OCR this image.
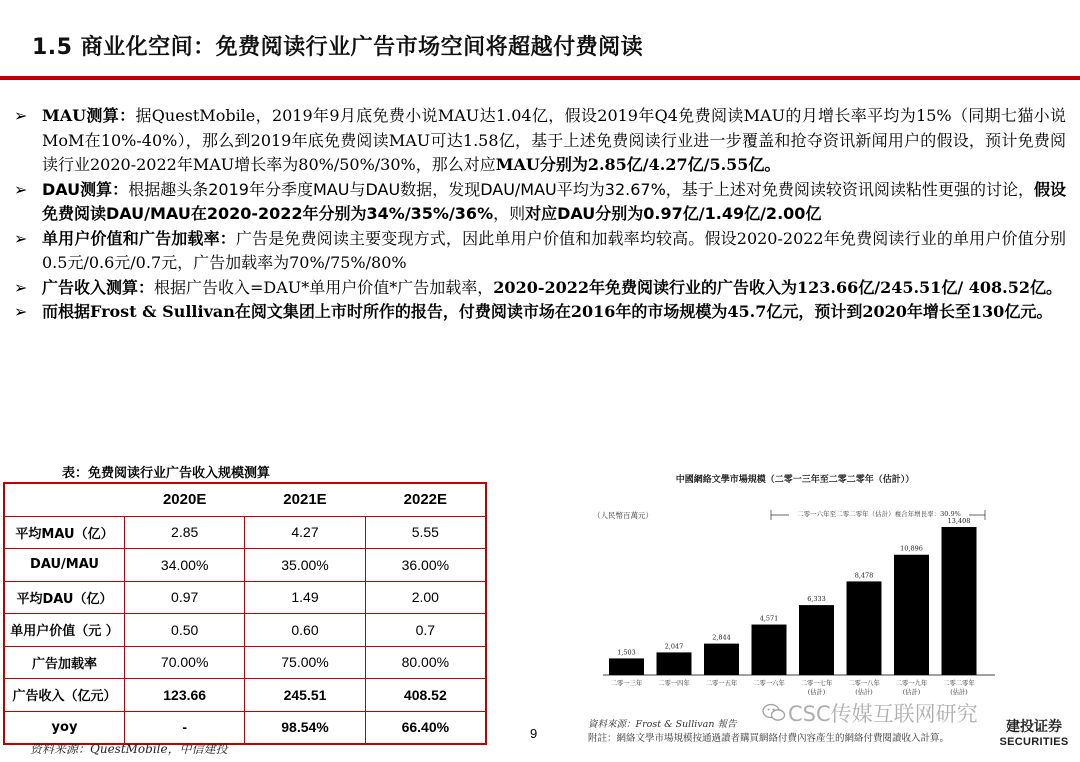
1.5 商业化空间：免费阅读行业广告市场空间将超越付费阅读
➢ MAU测算：据QuestMobile，2019年9月底免费小说MAU达1.04亿，假设2019年Q4免费阅读MAU的月增长率平均为15%（同期七猫小说MoM在10%-40%），那么到2019年底免费阅读MAU可达1.58亿，基于上述免费阅读行业进一步覆盖和抢夺资讯新闻用户的假设，预计免费阅读行业2020-2022年MAU增长率为80%/50%/30%，那么对应MAU分别为2.85亿/4.27亿/5.55亿。
➢ DAU测算：根据趣头条2019年分季度MAU与DAU数据，发现DAU/MAU平均为32.67%，基于上述对免费阅读较资讯阅读粘性更强的讨论，假设免费阅读DAU/MAU在2020-2022年分别为34%/35%/36%，则对应DAU分别为0.97亿/1.49亿/2.00亿
➢ 单用户价值和广告加载率：广告是免费阅读主要变现方式，因此单用户价值和加载率均较高。假设2020-2022年免费阅读行业的单用户价值分别0.5元/0.6元/0.7元，广告加载率为70%/75%/80%
➢ 广告收入测算：根据广告收入=DAU*单用户价值*广告加载率，2020-2022年免费阅读行业的广告收入为123.66亿/245.51亿/ 408.52亿。
➢ 而根据Frost & Sullivan在阅文集团上市时所作的报告，付费阅读市场在2016年的市场规模为45.7亿元，预计到2020年增长至130亿元。
表：免费阅读行业广告收入规模测算
	2020E	2021E	2022E
平均MAU（亿）	2.85	4.27	5.55
DAU/MAU	34.00%	35.00%	36.00%
平均DAU（亿）	0.97	1.49	2.00
单用户价值（元 ）	0.50	0.60	0.7
广告加载率	70.00%	75.00%	80.00%
广告收入（亿元）	123.66	245.51	408.52
yoy	-	98.54%	66.40%
资料来源：QuestMobile，中信建投
9
中國網絡文學市場規模（二零一三年至二零二零年（估計））
（人民幣百萬元）	二零一六年至二零二零年（估計）複合年增長率：30.9%
1,503
2,047
2,844
4,571
6,333
8,478
10,896
13,408
二零一三年	二零一四年	二零一五年	二零一六年	二零一七年
(估計)
二零一八年
(估計)
二零一九年
(估計)
二零二零年
(估計)
資料來源：Frost & Sullivan 報告
附註：網絡文學市場規模按通過讀者購買網絡付費內容產生的網絡付費閱讀收入計算。
CSC传媒互联网研究
建投证券
SECURITIES
